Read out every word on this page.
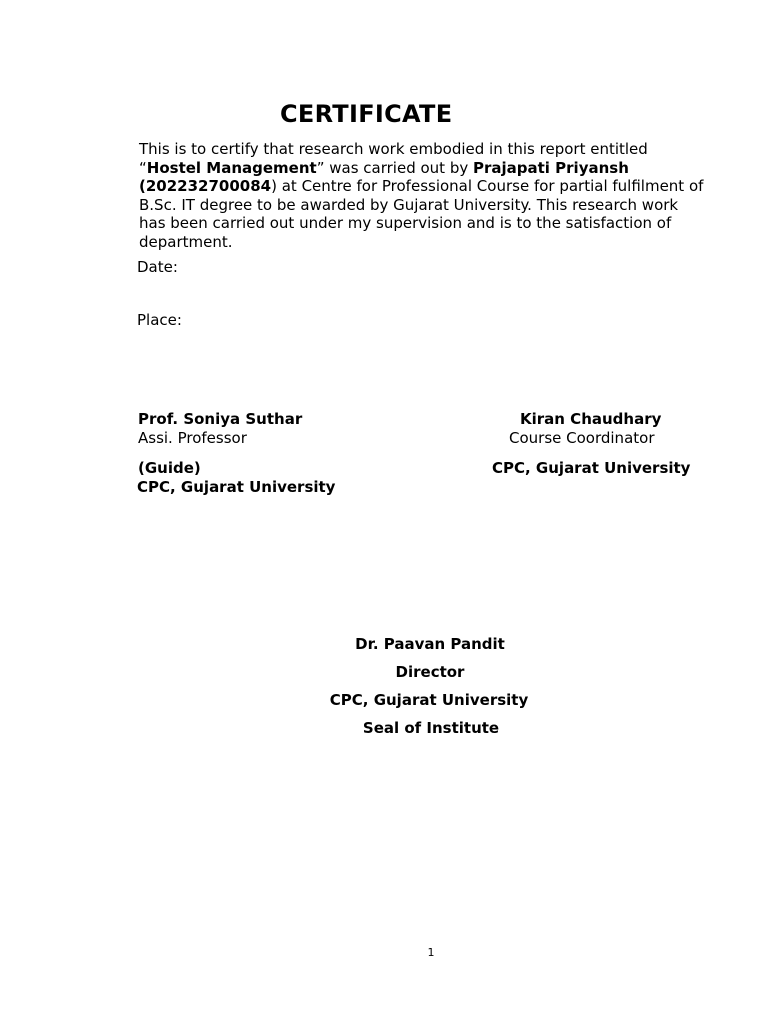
CERTIFICATE
This is to certify that research work embodied in this report entitled
“Hostel Management” was carried out by Prajapati Priyansh
(202232700084) at Centre for Professional Course for partial fulfilment of
B.Sc. IT degree to be awarded by Gujarat University. This research work
has been carried out under my supervision and is to the satisfaction of
department.
Date:
Place:
Prof. Soniya Suthar
Assi. Professor
(Guide)
CPC, Gujarat University
Kiran Chaudhary
Course Coordinator
CPC, Gujarat University
Dr. Paavan Pandit
Director
CPC, Gujarat University
Seal of Institute
1
